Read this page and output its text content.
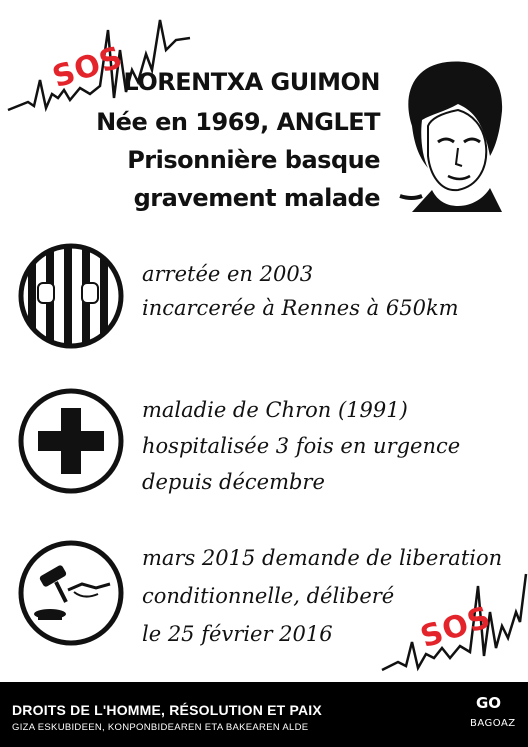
SOS
LORENTXA GUIMON
Née en 1969, ANGLET
Prisonnière basque
gravement malade
arretée en 2003
incarcerée à Rennes à 650km
maladie de Chron (1991)
hospitalisée 3 fois en urgence
depuis décembre
mars 2015 demande de liberation
conditionnelle, déliberé
le 25 février 2016	SOS
DROITS DE L'HOMME, RÉSOLUTION ET PAIX
GIZA ESKUBIDEEN, KONPONBIDEAREN ETA BAKEAREN ALDE
GO
BAGOAZ
